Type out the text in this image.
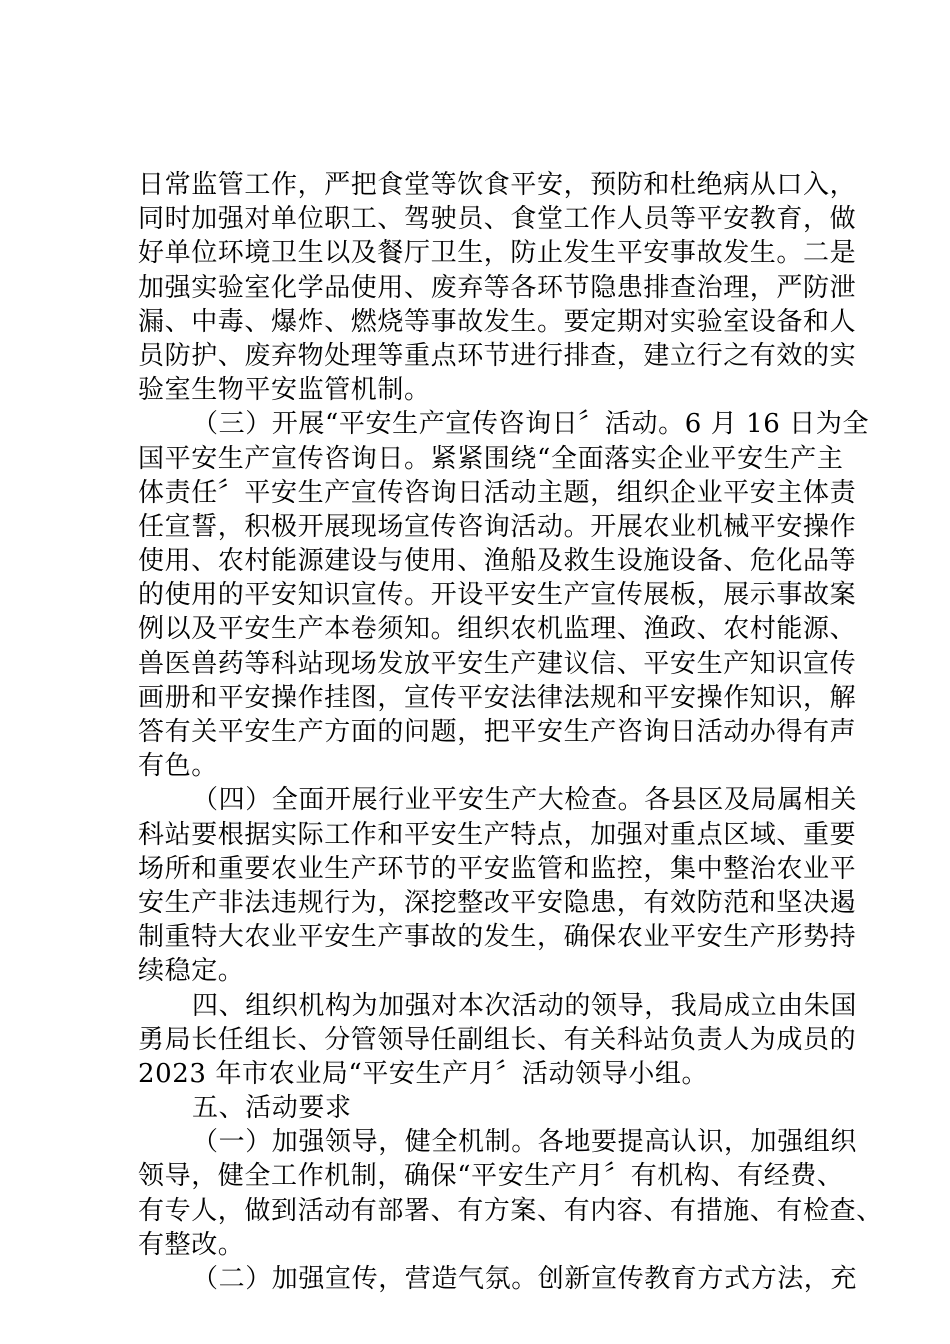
日常监管工作，严把食堂等饮食平安，预防和杜绝病从口入，
同时加强对单位职工、驾驶员、食堂工作人员等平安教育，做
好单位环境卫生以及餐厅卫生，防止发生平安事故发生。二是
加强实验室化学品使用、废弃等各环节隐患排查治理，严防泄
漏、中毒、爆炸、燃烧等事故发生。要定期对实验室设备和人
员防护、废弃物处理等重点环节进行排查，建立行之有效的实
验室生物平安监管机制。
（三）开展“平安生产宣传咨询日〞活动。6 月 16 日为全
国平安生产宣传咨询日。紧紧围绕“全面落实企业平安生产主
体责任〞平安生产宣传咨询日活动主题，组织企业平安主体责
任宣誓，积极开展现场宣传咨询活动。开展农业机械平安操作
使用、农村能源建设与使用、渔船及救生设施设备、危化品等
的使用的平安知识宣传。开设平安生产宣传展板，展示事故案
例以及平安生产本卷须知。组织农机监理、渔政、农村能源、
兽医兽药等科站现场发放平安生产建议信、平安生产知识宣传
画册和平安操作挂图，宣传平安法律法规和平安操作知识，解
答有关平安生产方面的问题，把平安生产咨询日活动办得有声
有色。
（四）全面开展行业平安生产大检查。各县区及局属相关
科站要根据实际工作和平安生产特点，加强对重点区域、重要
场所和重要农业生产环节的平安监管和监控，集中整治农业平
安生产非法违规行为，深挖整改平安隐患，有效防范和坚决遏
制重特大农业平安生产事故的发生，确保农业平安生产形势持
续稳定。
四、组织机构为加强对本次活动的领导，我局成立由朱国
勇局长任组长、分管领导任副组长、有关科站负责人为成员的
2023 年市农业局“平安生产月〞活动领导小组。
五、活动要求
（一）加强领导，健全机制。各地要提高认识，加强组织
领导，健全工作机制，确保“平安生产月〞有机构、有经费、
有专人，做到活动有部署、有方案、有内容、有措施、有检查、
有整改。
（二）加强宣传，营造气氛。创新宣传教育方式方法，充
